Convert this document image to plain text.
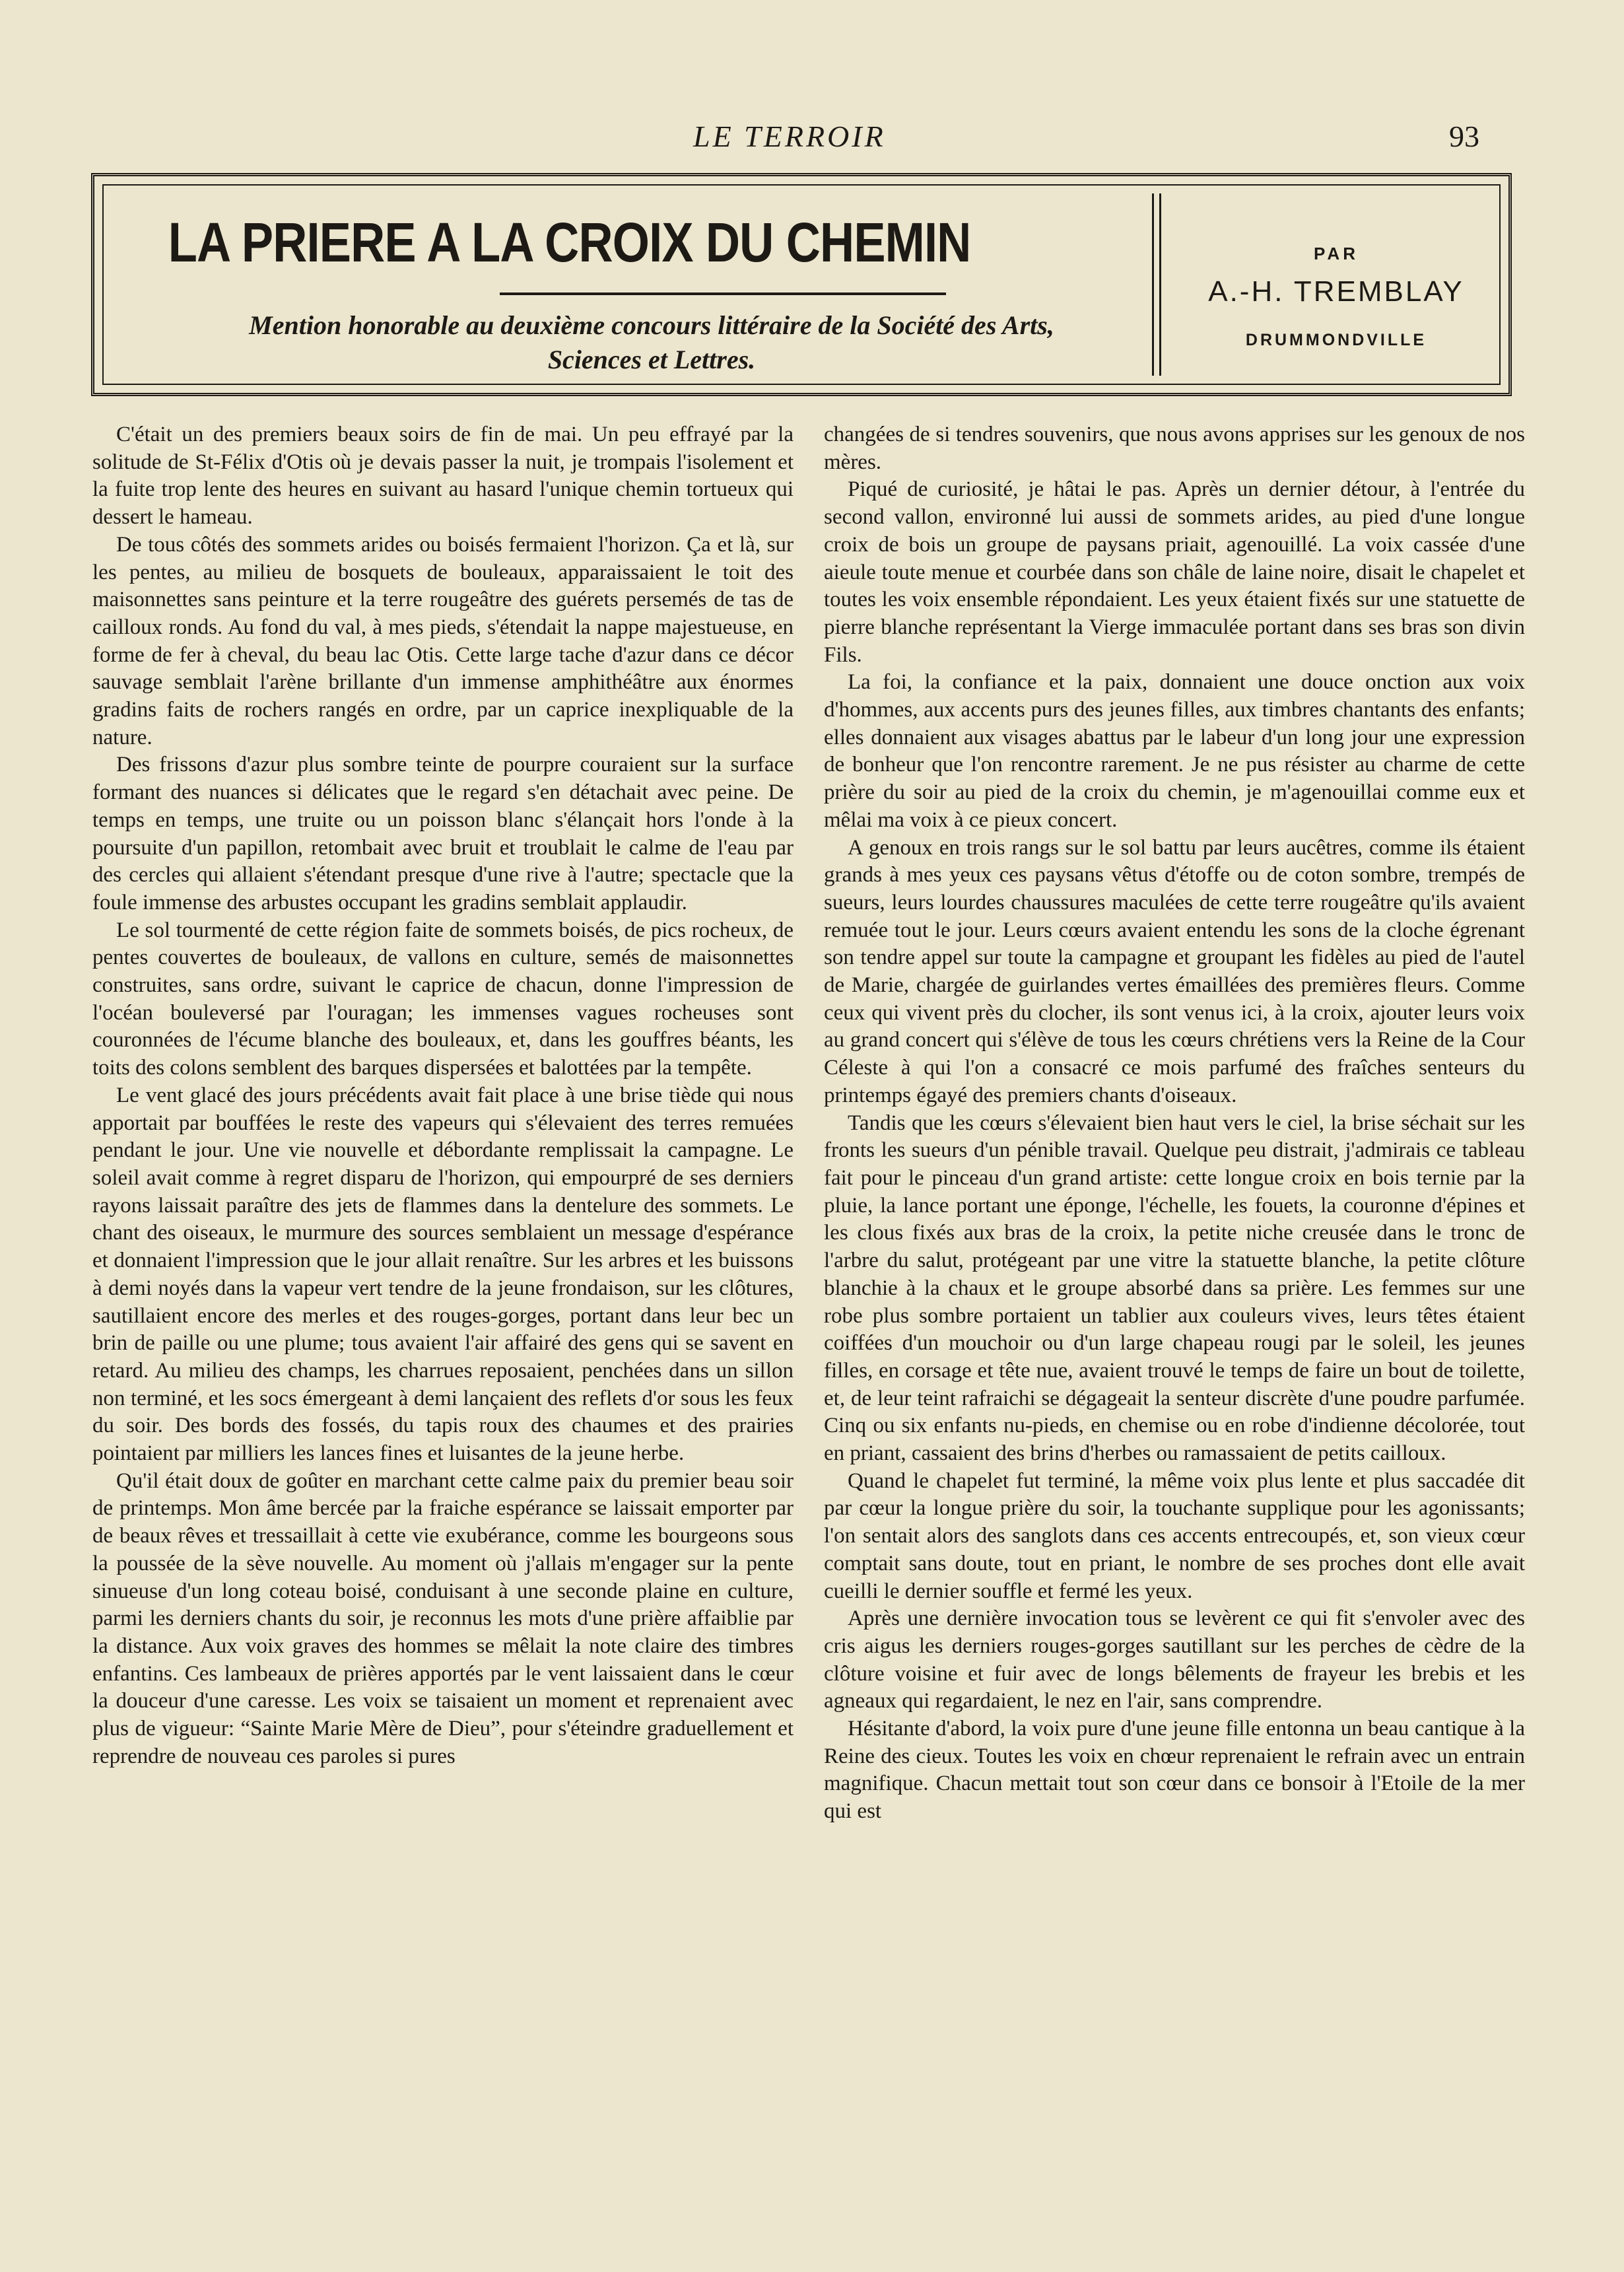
LE TERROIR	93
LA PRIERE A LA CROIX DU CHEMIN
Mention honorable au deuxième concours littéraire de la Société des Arts,
Sciences et Lettres.
PAR
A.-H. TREMBLAY
DRUMMONDVILLE

C'était un des premiers beaux soirs de fin de mai. Un peu effrayé par la solitude de St-Félix d'Otis où je devais passer la nuit, je trompais l'isolement et la fuite trop lente des heures en suivant au hasard l'unique chemin tortueux qui dessert le hameau.

De tous côtés des sommets arides ou boisés fermaient l'horizon. Ça et là, sur les pentes, au milieu de bosquets de bouleaux, apparaissaient le toit des maisonnettes sans peinture et la terre rougeâtre des guérets persemés de tas de cailloux ronds. Au fond du val, à mes pieds, s'étendait la nappe majestueuse, en forme de fer à cheval, du beau lac Otis. Cette large tache d'azur dans ce décor sauvage semblait l'arène brillante d'un immense amphithéâtre aux énormes gradins faits de rochers rangés en ordre, par un caprice inexpliquable de la nature.

Des frissons d'azur plus sombre teinte de pourpre couraient sur la surface formant des nuances si délicates que le regard s'en détachait avec peine. De temps en temps, une truite ou un poisson blanc s'élançait hors l'onde à la poursuite d'un papillon, retombait avec bruit et troublait le calme de l'eau par des cercles qui allaient s'étendant presque d'une rive à l'autre; spectacle que la foule immense des arbustes occupant les gradins semblait applaudir.

Le sol tourmenté de cette région faite de sommets boisés, de pics rocheux, de pentes couvertes de bouleaux, de vallons en culture, semés de maisonnettes construites, sans ordre, suivant le caprice de chacun, donne l'impression de l'océan bouleversé par l'ouragan; les immenses vagues rocheuses sont couronnées de l'écume blanche des bouleaux, et, dans les gouffres béants, les toits des colons semblent des barques dispersées et balottées par la tempête.

Le vent glacé des jours précédents avait fait place à une brise tiède qui nous apportait par bouffées le reste des vapeurs qui s'élevaient des terres remuées pendant le jour. Une vie nouvelle et débordante remplissait la campagne. Le soleil avait comme à regret disparu de l'horizon, qui empourpré de ses derniers rayons laissait paraître des jets de flammes dans la dentelure des sommets. Le chant des oiseaux, le murmure des sources semblaient un message d'espérance et donnaient l'impression que le jour allait renaître. Sur les arbres et les buissons à demi noyés dans la vapeur vert tendre de la jeune frondaison, sur les clôtures, sautillaient encore des merles et des rouges-gorges, portant dans leur bec un brin de paille ou une plume; tous avaient l'air affairé des gens qui se savent en retard. Au milieu des champs, les charrues reposaient, penchées dans un sillon non terminé, et les socs émergeant à demi lançaient des reflets d'or sous les feux du soir. Des bords des fossés, du tapis roux des chaumes et des prairies pointaient par milliers les lances fines et luisantes de la jeune herbe.

Qu'il était doux de goûter en marchant cette calme paix du premier beau soir de printemps. Mon âme bercée par la fraiche espérance se laissait emporter par de beaux rêves et tressaillait à cette vie exubérance, comme les bourgeons sous la poussée de la sève nouvelle. Au moment où j'allais m'engager sur la pente sinueuse d'un long coteau boisé, conduisant à une seconde plaine en culture, parmi les derniers chants du soir, je reconnus les mots d'une prière affaiblie par la distance. Aux voix graves des hommes se mêlait la note claire des timbres enfantins. Ces lambeaux de prières apportés par le vent laissaient dans le cœur la douceur d'une caresse. Les voix se taisaient un moment et reprenaient avec plus de vigueur: “Sainte Marie Mère de Dieu”, pour s'éteindre graduellement et reprendre de nouveau ces paroles si pures

changées de si tendres souvenirs, que nous avons apprises sur les genoux de nos mères.

Piqué de curiosité, je hâtai le pas. Après un dernier détour, à l'entrée du second vallon, environné lui aussi de sommets arides, au pied d'une longue croix de bois un groupe de paysans priait, agenouillé. La voix cassée d'une aieule toute menue et courbée dans son châle de laine noire, disait le chapelet et toutes les voix ensemble répondaient. Les yeux étaient fixés sur une statuette de pierre blanche représentant la Vierge immaculée portant dans ses bras son divin Fils.

La foi, la confiance et la paix, donnaient une douce onction aux voix d'hommes, aux accents purs des jeunes filles, aux timbres chantants des enfants; elles donnaient aux visages abattus par le labeur d'un long jour une expression de bonheur que l'on rencontre rarement. Je ne pus résister au charme de cette prière du soir au pied de la croix du chemin, je m'agenouillai comme eux et mêlai ma voix à ce pieux concert.

A genoux en trois rangs sur le sol battu par leurs aucêtres, comme ils étaient grands à mes yeux ces paysans vêtus d'étoffe ou de coton sombre, trempés de sueurs, leurs lourdes chaussures maculées de cette terre rougeâtre qu'ils avaient remuée tout le jour. Leurs cœurs avaient entendu les sons de la cloche égrenant son tendre appel sur toute la campagne et groupant les fidèles au pied de l'autel de Marie, chargée de guirlandes vertes émaillées des premières fleurs. Comme ceux qui vivent près du clocher, ils sont venus ici, à la croix, ajouter leurs voix au grand concert qui s'élève de tous les cœurs chrétiens vers la Reine de la Cour Céleste à qui l'on a consacré ce mois parfumé des fraîches senteurs du printemps égayé des premiers chants d'oiseaux.

Tandis que les cœurs s'élevaient bien haut vers le ciel, la brise séchait sur les fronts les sueurs d'un pénible travail. Quelque peu distrait, j'admirais ce tableau fait pour le pinceau d'un grand artiste: cette longue croix en bois ternie par la pluie, la lance portant une éponge, l'échelle, les fouets, la couronne d'épines et les clous fixés aux bras de la croix, la petite niche creusée dans le tronc de l'arbre du salut, protégeant par une vitre la statuette blanche, la petite clôture blanchie à la chaux et le groupe absorbé dans sa prière. Les femmes sur une robe plus sombre portaient un tablier aux couleurs vives, leurs têtes étaient coiffées d'un mouchoir ou d'un large chapeau rougi par le soleil, les jeunes filles, en corsage et tête nue, avaient trouvé le temps de faire un bout de toilette, et, de leur teint rafraichi se dégageait la senteur discrète d'une poudre parfumée. Cinq ou six enfants nu-pieds, en chemise ou en robe d'indienne décolorée, tout en priant, cassaient des brins d'herbes ou ramassaient de petits cailloux.

Quand le chapelet fut terminé, la même voix plus lente et plus saccadée dit par cœur la longue prière du soir, la touchante supplique pour les agonissants; l'on sentait alors des sanglots dans ces accents entrecoupés, et, son vieux cœur comptait sans doute, tout en priant, le nombre de ses proches dont elle avait cueilli le dernier souffle et fermé les yeux.

Après une dernière invocation tous se levèrent ce qui fit s'envoler avec des cris aigus les derniers rouges-gorges sautillant sur les perches de cèdre de la clôture voisine et fuir avec de longs bêlements de frayeur les brebis et les agneaux qui regardaient, le nez en l'air, sans comprendre.

Hésitante d'abord, la voix pure d'une jeune fille entonna un beau cantique à la Reine des cieux. Toutes les voix en chœur reprenaient le refrain avec un entrain magnifique. Chacun mettait tout son cœur dans ce bonsoir à l'Etoile de la mer qui est
